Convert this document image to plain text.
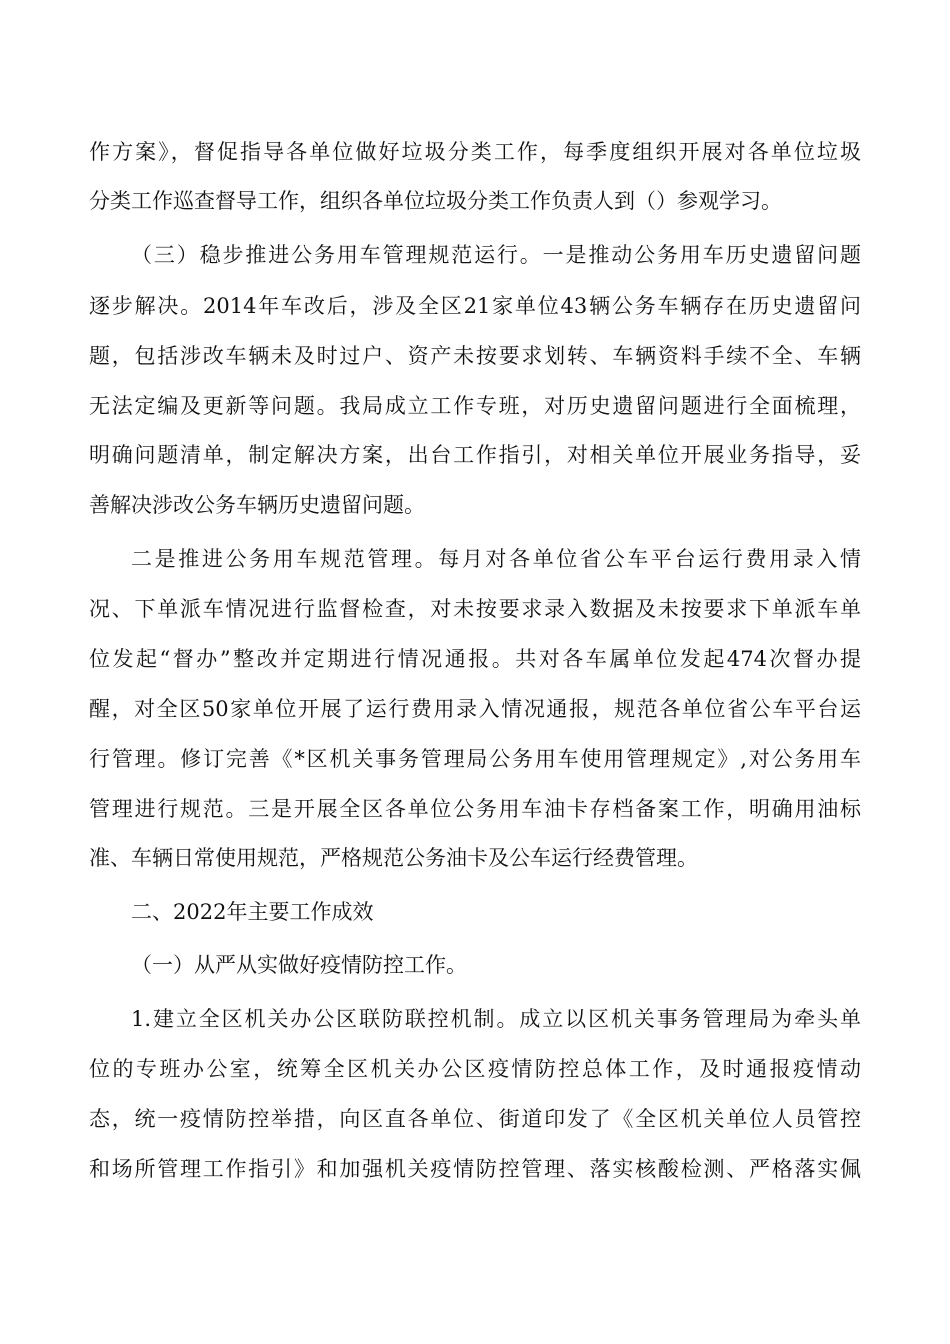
作方案》，督促指导各单位做好垃圾分类工作，每季度组织开展对各单位垃圾
分类工作巡查督导工作，组织各单位垃圾分类工作负责人到（）参观学习。
（三）稳步推进公务用车管理规范运行。一是推动公务用车历史遗留问题
逐步解决。2014年车改后，涉及全区21家单位43辆公务车辆存在历史遗留问
题，包括涉改车辆未及时过户、资产未按要求划转、车辆资料手续不全、车辆
无法定编及更新等问题。我局成立工作专班，对历史遗留问题进行全面梳理，
明确问题清单，制定解决方案，出台工作指引，对相关单位开展业务指导，妥
善解决涉改公务车辆历史遗留问题。
二是推进公务用车规范管理。每月对各单位省公车平台运行费用录入情
况、下单派车情况进行监督检查，对未按要求录入数据及未按要求下单派车单
位发起“督办”整改并定期进行情况通报。共对各车属单位发起474次督办提
醒，对全区50家单位开展了运行费用录入情况通报，规范各单位省公车平台运
行管理。修订完善《*区机关事务管理局公务用车使用管理规定》,对公务用车
管理进行规范。三是开展全区各单位公务用车油卡存档备案工作，明确用油标
准、车辆日常使用规范，严格规范公务油卡及公车运行经费管理。
二、2022年主要工作成效
（一）从严从实做好疫情防控工作。
1.建立全区机关办公区联防联控机制。成立以区机关事务管理局为牵头单
位的专班办公室，统筹全区机关办公区疫情防控总体工作，及时通报疫情动
态，统一疫情防控举措，向区直各单位、街道印发了《全区机关单位人员管控
和场所管理工作指引》和加强机关疫情防控管理、落实核酸检测、严格落实佩
